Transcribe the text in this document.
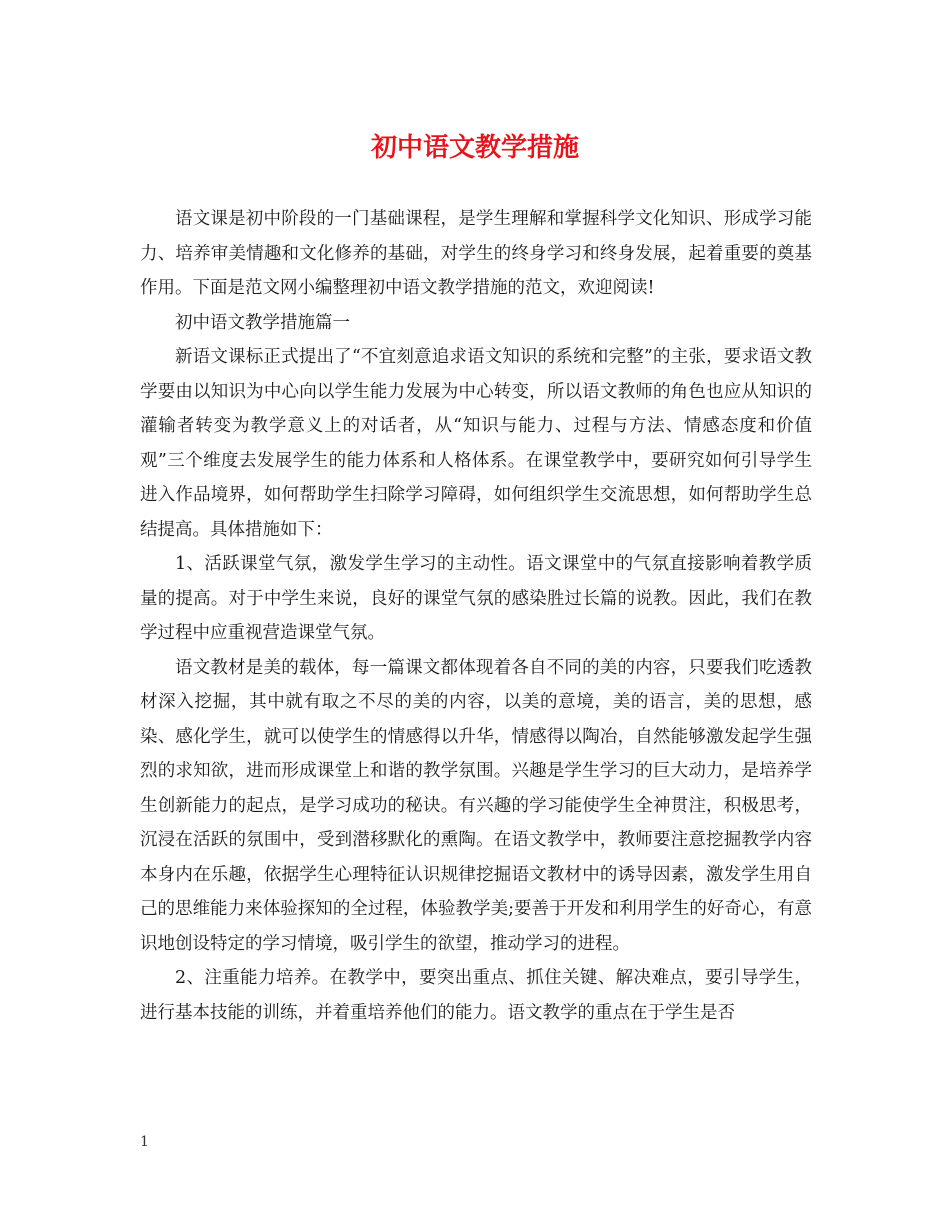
初中语文教学措施

语文课是初中阶段的一门基础课程，是学生理解和掌握科学文化知识、形成学习能力、培养审美情趣和文化修养的基础，对学生的终身学习和终身发展，起着重要的奠基作用。下面是范文网小编整理初中语文教学措施的范文，欢迎阅读!

初中语文教学措施篇一

新语文课标正式提出了“不宜刻意追求语文知识的系统和完整”的主张，要求语文教学要由以知识为中心向以学生能力发展为中心转变，所以语文教师的角色也应从知识的灌输者转变为教学意义上的对话者，从“知识与能力、过程与方法、情感态度和价值观”三个维度去发展学生的能力体系和人格体系。在课堂教学中，要研究如何引导学生进入作品境界，如何帮助学生扫除学习障碍，如何组织学生交流思想，如何帮助学生总结提高。具体措施如下：

1、活跃课堂气氛，激发学生学习的主动性。语文课堂中的气氛直接影响着教学质量的提高。对于中学生来说，良好的课堂气氛的感染胜过长篇的说教。因此，我们在教学过程中应重视营造课堂气氛。

语文教材是美的载体，每一篇课文都体现着各自不同的美的内容，只要我们吃透教材深入挖掘，其中就有取之不尽的美的内容，以美的意境，美的语言，美的思想，感染、感化学生，就可以使学生的情感得以升华，情感得以陶冶，自然能够激发起学生强烈的求知欲，进而形成课堂上和谐的教学氛围。兴趣是学生学习的巨大动力，是培养学生创新能力的起点，是学习成功的秘诀。有兴趣的学习能使学生全神贯注，积极思考，沉浸在活跃的氛围中，受到潜移默化的熏陶。在语文教学中，教师要注意挖掘教学内容本身内在乐趣，依据学生心理特征认识规律挖掘语文教材中的诱导因素，激发学生用自己的思维能力来体验探知的全过程，体验教学美;要善于开发和利用学生的好奇心，有意识地创设特定的学习情境，吸引学生的欲望，推动学习的进程。

2、注重能力培养。在教学中，要突出重点、抓住关键、解决难点，要引导学生，进行基本技能的训练，并着重培养他们的能力。语文教学的重点在于学生是否

1
